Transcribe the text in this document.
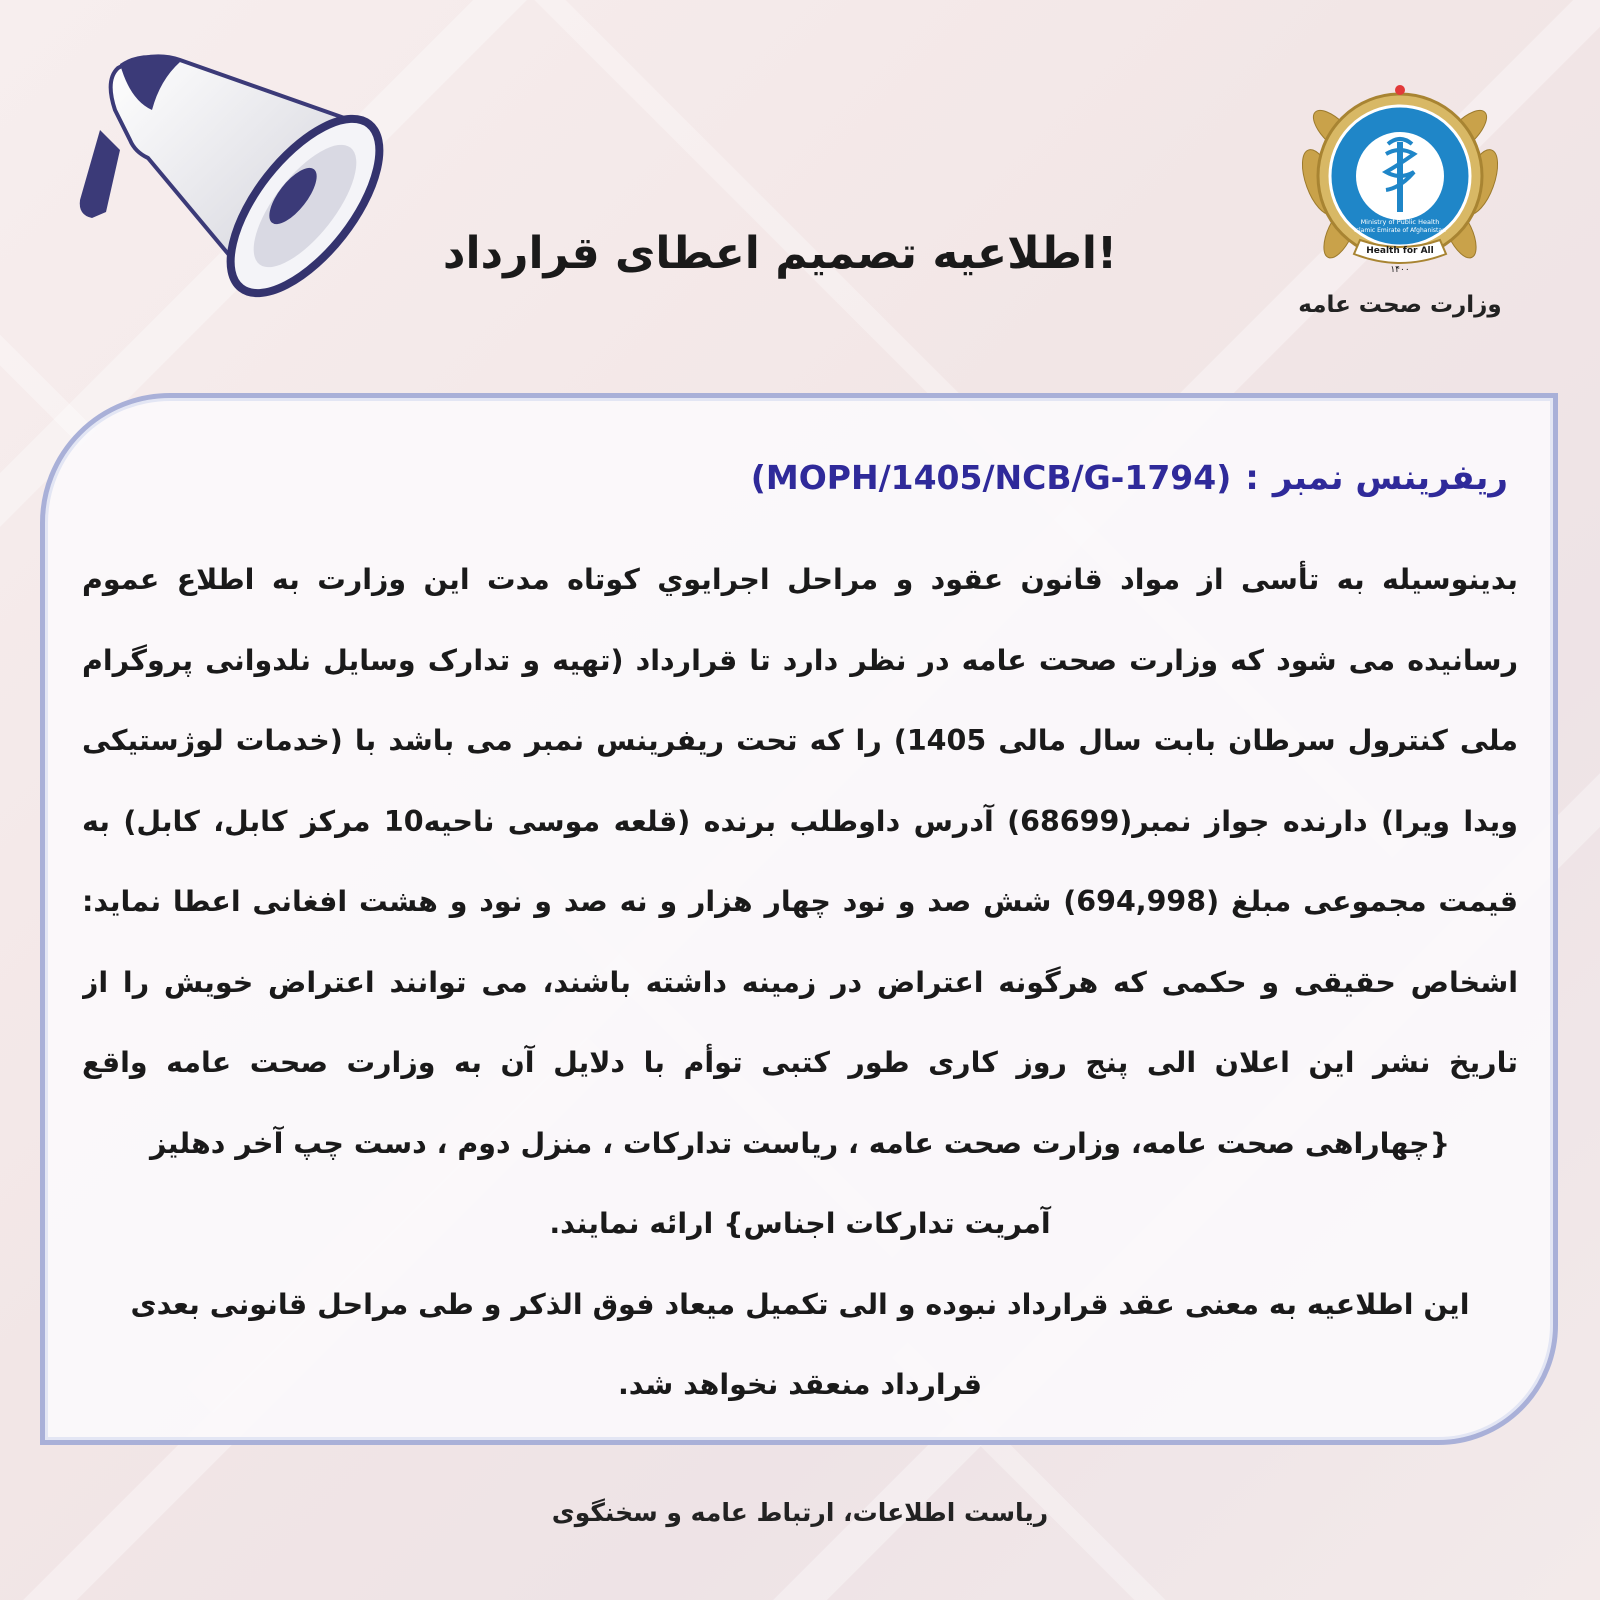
اطلاعیه تصمیم اعطای قرارداد!	Health for All
۱۴۰۰
Ministry of Public Health
Islamic Emirate of Afghanistan
وزارت صحت عامه
ریفرینس نمبر:(MOPH/1405/NCB/G-1794)
بدینوسیله به تأسی از مواد قانون عقود و مراحل اجرایوي کوتاه مدت این وزارت به اطلاع عموم
رسانیده می شود که وزارت صحت عامه در نظر دارد تا قرارداد (تهیه و تدارک وسایل نلدوانی پروگرام
ملی کنترول سرطان بابت سال مالی 1405) را که تحت ریفرینس نمبر می باشد با (خدمات لوژستیکی
ویدا ویرا) دارنده جواز نمبر(68699) آدرس داوطلب برنده (قلعه موسی ناحیه10 مرکز کابل، کابل) به
قیمت مجموعی مبلغ (694,998) شش صد و نود چهار هزار و نه صد و نود و هشت افغانی اعطا نماید:
اشخاص حقیقی و حکمی که هرگونه اعتراض در زمینه داشته باشند، می توانند اعتراض خویش را از
تاریخ نشر این اعلان الی پنج روز کاری طور کتبی توأم با دلایل آن به وزارت صحت عامه واقع
{چهاراهی صحت عامه، وزارت صحت عامه ، ریاست تدارکات ، منزل دوم ، دست چپ آخر دهلیز
آمریت تدارکات اجناس} ارائه نمایند.
این اطلاعیه به معنی عقد قرارداد نبوده و الی تکمیل میعاد فوق الذکر و طی مراحل قانونی بعدی
قرارداد منعقد نخواهد شد.
ریاست اطلاعات، ارتباط عامه و سخنگوی
